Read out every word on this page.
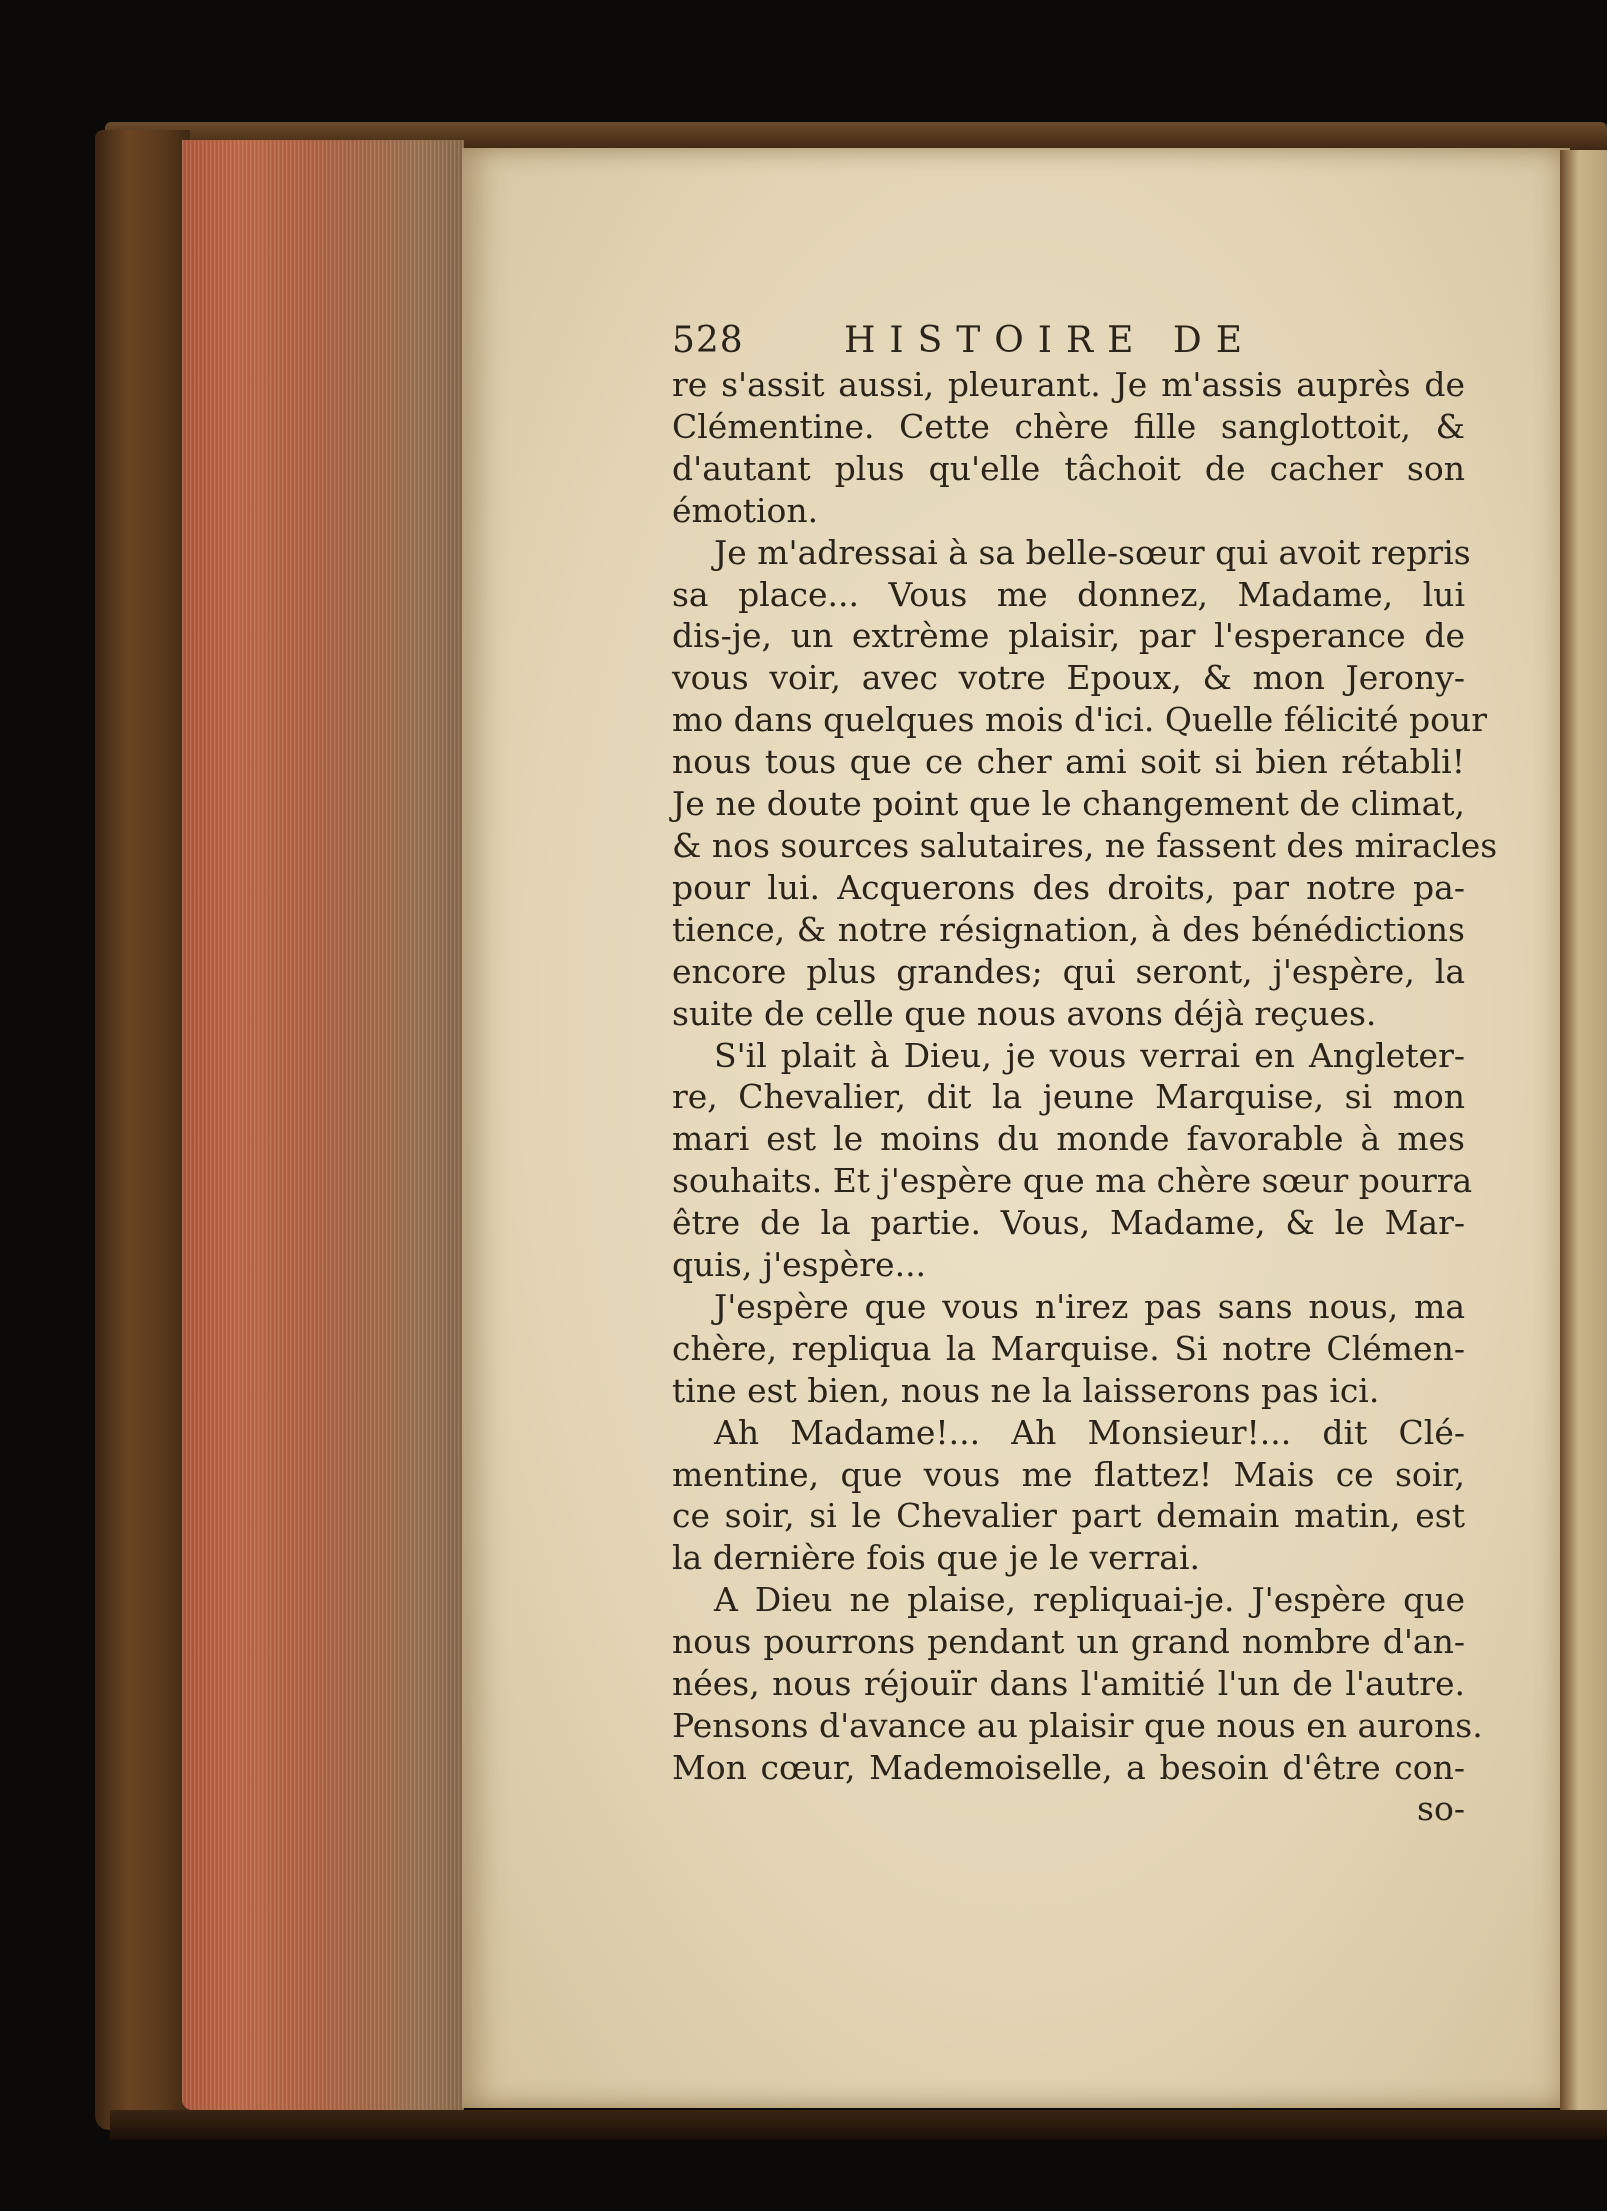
528	HISTOIRE DE
re s'assit aussi, pleurant. Je m'assis auprès de
Clémentine. Cette chère fille sanglottoit, &
d'autant plus qu'elle tâchoit de cacher son
émotion.
Je m'adressai à sa belle-sœur qui avoit repris
sa place... Vous me donnez, Madame, lui
dis-je, un extrème plaisir, par l'esperance de
vous voir, avec votre Epoux, & mon Jerony-
mo dans quelques mois d'ici. Quelle félicité pour
nous tous que ce cher ami soit si bien rétabli!
Je ne doute point que le changement de climat,
& nos sources salutaires, ne fassent des miracles
pour lui. Acquerons des droits, par notre pa-
tience, & notre résignation, à des bénédictions
encore plus grandes; qui seront, j'espère, la
suite de celle que nous avons déjà reçues.
S'il plait à Dieu, je vous verrai en Angleter-
re, Chevalier, dit la jeune Marquise, si mon
mari est le moins du monde favorable à mes
souhaits. Et j'espère que ma chère sœur pourra
être de la partie. Vous, Madame, & le Mar-
quis, j'espère...
J'espère que vous n'irez pas sans nous, ma
chère, repliqua la Marquise. Si notre Clémen-
tine est bien, nous ne la laisserons pas ici.
Ah Madame!... Ah Monsieur!... dit Clé-
mentine, que vous me flattez! Mais ce soir,
ce soir, si le Chevalier part demain matin, est
la dernière fois que je le verrai.
A Dieu ne plaise, repliquai-je. J'espère que
nous pourrons pendant un grand nombre d'an-
nées, nous réjouïr dans l'amitié l'un de l'autre.
Pensons d'avance au plaisir que nous en aurons.
Mon cœur, Mademoiselle, a besoin d'être con-
so-
